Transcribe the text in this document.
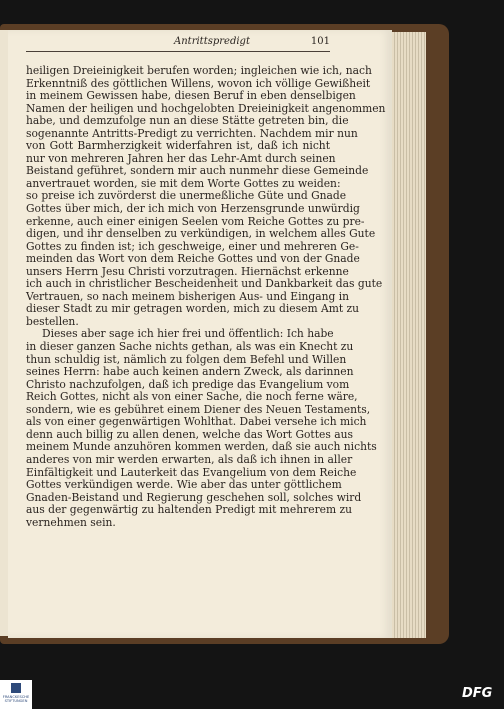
Antrittspredigt	101
heiligen Dreieinigkeit berufen worden; ingleichen wie ich, nach
Erkenntniß des göttlichen Willens, wovon ich völlige Gewißheit
in meinem Gewissen habe, diesen Beruf in eben denselbigen
Namen der heiligen und hochgelobten Dreieinigkeit angenommen
habe, und demzufolge nun an diese Stätte getreten bin, die
sogenannte Antritts-Predigt zu verrichten. Nachdem mir nun
von Gott Barmherzigkeit widerfahren ist, daß ich nicht
nur von mehreren Jahren her das Lehr-Amt durch seinen
Beistand geführet, sondern mir auch nunmehr diese Gemeinde
anvertrauet worden, sie mit dem Worte Gottes zu weiden:
so preise ich zuvörderst die unermeßliche Güte und Gnade
Gottes über mich, der ich mich von Herzensgrunde unwürdig
erkenne, auch einer einigen Seelen vom Reiche Gottes zu pre-
digen, und ihr denselben zu verkündigen, in welchem alles Gute
Gottes zu finden ist; ich geschweige, einer und mehreren Ge-
meinden das Wort von dem Reiche Gottes und von der Gnade
unsers Herrn Jesu Christi vorzutragen. Hiernächst erkenne
ich auch in christlicher Bescheidenheit und Dankbarkeit das gute
Vertrauen, so nach meinem bisherigen Aus- und Eingang in
dieser Stadt zu mir getragen worden, mich zu diesem Amt zu
bestellen.
Dieses aber sage ich hier frei und öffentlich: Ich habe
in dieser ganzen Sache nichts gethan, als was ein Knecht zu
thun schuldig ist, nämlich zu folgen dem Befehl und Willen
seines Herrn: habe auch keinen andern Zweck, als darinnen
Christo nachzufolgen, daß ich predige das Evangelium vom
Reich Gottes, nicht als von einer Sache, die noch ferne wäre,
sondern, wie es gebühret einem Diener des Neuen Testaments,
als von einer gegenwärtigen Wohlthat. Dabei versehe ich mich
denn auch billig zu allen denen, welche das Wort Gottes aus
meinem Munde anzuhören kommen werden, daß sie auch nichts
anderes von mir werden erwarten, als daß ich ihnen in aller
Einfältigkeit und Lauterkeit das Evangelium von dem Reiche
Gottes verkündigen werde. Wie aber das unter göttlichem
Gnaden-Beistand und Regierung geschehen soll, solches wird
aus der gegenwärtig zu haltenden Predigt mit mehrerem zu
vernehmen sein.
FRANCKESCHE
STIFTUNGEN	DFG
